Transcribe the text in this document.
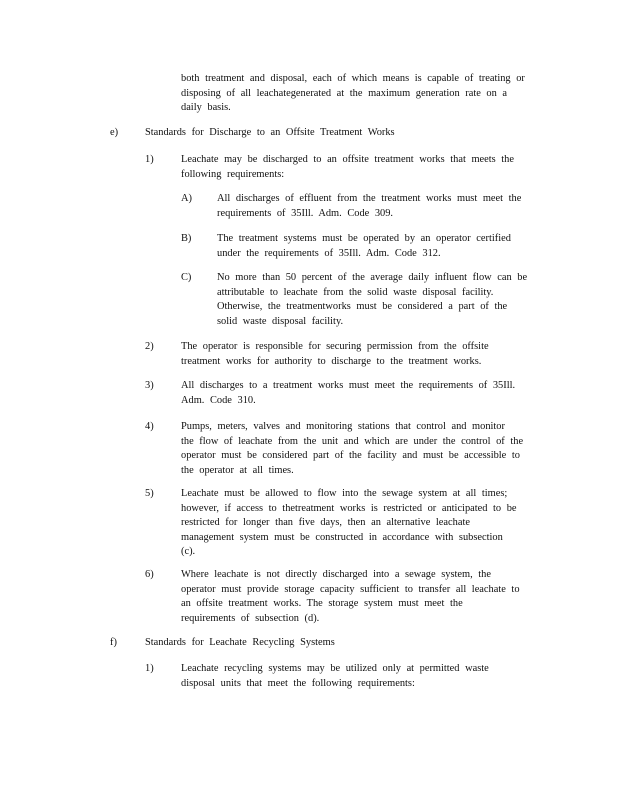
both treatment and disposal, each of which means is capable of treating or
disposing of all leachategenerated at the maximum generation rate on a
daily basis.
e)	Standards for Discharge to an Offsite Treatment Works
1)	Leachate may be discharged to an offsite treatment works that meets the
following requirements:
A) All discharges of effluent from the treatment works must meet the
requirements of 35Ill. Adm. Code 309.
B) The treatment systems must be operated by an operator certified
under the requirements of 35Ill. Adm. Code 312.
C) No more than 50 percent of the average daily influent flow can be
attributable to leachate from the solid waste disposal facility.
Otherwise, the treatmentworks must be considered a part of the
solid waste disposal facility.
2)	The operator is responsible for securing permission from the offsite
treatment works for authority to discharge to the treatment works.
3)	All discharges to a treatment works must meet the requirements of 35Ill.
Adm. Code 310.
4)	Pumps, meters, valves and monitoring stations that control and monitor
the flow of leachate from the unit and which are under the control of the
operator must be considered part of the facility and must be accessible to
the operator at all times.
5)	Leachate must be allowed to flow into the sewage system at all times;
however, if access to thetreatment works is restricted or anticipated to be
restricted for longer than five days, then an alternative leachate
management system must be constructed in accordance with subsection
(c).
6)	Where leachate is not directly discharged into a sewage system, the
operator must provide storage capacity sufficient to transfer all leachate to
an offsite treatment works. The storage system must meet the
requirements of subsection (d).
f)	Standards for Leachate Recycling Systems
1)	Leachate recycling systems may be utilized only at permitted waste
disposal units that meet the following requirements:
